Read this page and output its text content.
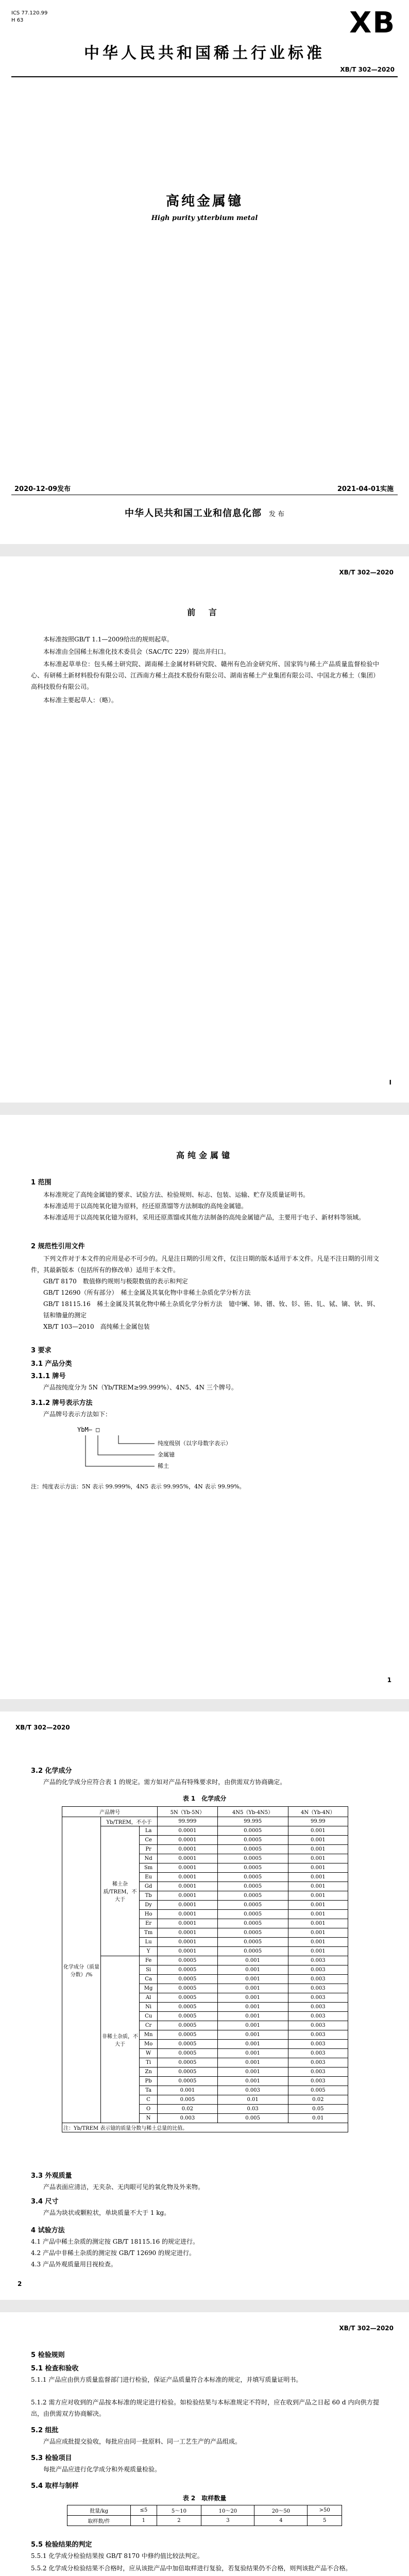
ICS 77.120.99
H 63	XB
中华人民共和国稀土行业标准
XB/T 302—2020
高纯金属镱
High purity ytterbium metal
2020-12-09发布	2021-04-01实施
中华人民共和国工业和信息化部 发 布
XB/T 302—2020
前 言
本标准按照GB/T 1.1—2009给出的规则起草。
本标准由全国稀土标准化技术委员会（SAC/TC 229）提出并归口。
本标准起草单位：包头稀土研究院、湖南稀土金属材料研究院、赣州有色冶金研究所、国家钨与稀土产品质量监督检验中心、有研稀土新材料股份有限公司、江西南方稀土高技术股份有限公司、湖南省稀土产业集团有限公司、中国北方稀土（集团）高科技股份有限公司。
本标准主要起草人：（略）。
I
高纯金属镱
1 范围
本标准规定了高纯金属镱的要求、试验方法、检验规则、标志、包装、运输、贮存及质量证明书。
本标准适用于以高纯氧化镱为原料，经还原蒸馏等方法制取的高纯金属镱。
本标准适用于以高纯氧化镱为原料，采用还原蒸馏或其他方法制备的高纯金属镱产品，主要用于电子、新材料等领域。
2 规范性引用文件
下列文件对于本文件的应用是必不可少的。凡是注日期的引用文件，仅注日期的版本适用于本文件。凡是不注日期的引用文件，其最新版本（包括所有的修改单）适用于本文件。
GB/T 8170　数值修约规则与极限数值的表示和判定
GB/T 12690（所有部分）　稀土金属及其氧化物中非稀土杂质化学分析方法
GB/T 18115.16　稀土金属及其氧化物中稀土杂质化学分析方法　镱中镧、铈、镨、钕、钐、铕、钆、铽、镝、钬、铒、铥和镥量的测定
XB/T 103—2010　高纯稀土金属包装
3 要求
3.1 产品分类
3.1.1 牌号
产品按纯度分为 5N（Yb/TREM≥99.999%）、4N5、4N 三个牌号。
3.1.2 牌号表示方法
产品牌号表示方法如下：
YbM— □
纯度级别（以字母数字表示）
金属镱
稀土
注：纯度表示方法：5N 表示 99.999%，4N5 表示 99.995%，4N 表示 99.99%。
1
XB/T 302—2020
3.2 化学成分
产品的化学成分应符合表 1 的规定。需方如对产品有特殊要求时，由供需双方协商确定。
表 1　化学成分
产品牌号			5N（Yb-5N）	4N5（Yb-4N5）	4N（Yb-4N）
化学成分（质量分数）/%	Yb/TREM，不小于		99.999	99.995	99.99
	稀土杂质/TREM，不大于	La	0.0001	0.0005	0.001
		Ce	0.0001	0.0005	0.001
		Pr	0.0001	0.0005	0.001
		Nd	0.0001	0.0005	0.001
		Sm	0.0001	0.0005	0.001
		Eu	0.0001	0.0005	0.001
		Gd	0.0001	0.0005	0.001
		Tb	0.0001	0.0005	0.001
		Dy	0.0001	0.0005	0.001
		Ho	0.0001	0.0005	0.001
		Er	0.0001	0.0005	0.001
		Tm	0.0001	0.0005	0.001
		Lu	0.0001	0.0005	0.001
		Y	0.0001	0.0005	0.001
	非稀土杂质，不大于	Fe	0.0005	0.001	0.003
		Si	0.0005	0.001	0.003
		Ca	0.0005	0.001	0.003
		Mg	0.0005	0.001	0.003
		Al	0.0005	0.001	0.003
		Ni	0.0005	0.001	0.003
		Cu	0.0005	0.001	0.003
		Cr	0.0005	0.001	0.003
		Mn	0.0005	0.001	0.003
		Mo	0.0005	0.001	0.003
		W	0.0005	0.001	0.003
		Ti	0.0005	0.001	0.003
		Zn	0.0005	0.001	0.003
		Pb	0.0005	0.001	0.003
		Ta	0.001	0.003	0.005
		C	0.005	0.01	0.02
		O	0.02	0.03	0.05
		N	0.003	0.005	0.01
注：Yb/TREM 表示镱的质量分数与稀土总量的比值。					
3.3 外观质量
产品表面应清洁，无夹杂、无肉眼可见的氧化物及外来物。
3.4 尺寸
产品为块状或颗粒状，单块质量不大于 1 kg。
4 试验方法
4.1 产品中稀土杂质的测定按 GB/T 18115.16 的规定进行。
4.2 产品中非稀土杂质的测定按 GB/T 12690 的规定进行。
4.3 产品外观质量用目视检查。
2
XB/T 302—2020
5 检验规则
5.1 检查和验收
5.1.1 产品应由供方质量监督部门进行检验，保证产品质量符合本标准的规定，并填写质量证明书。
5.1.2 需方应对收到的产品按本标准的规定进行检验。如检验结果与本标准规定不符时，应在收到产品之日起 60 d 内向供方提出，由供需双方协商解决。
5.2 组批
产品应成批提交验收，每批应由同一批原料、同一工艺生产的产品组成。
5.3 检验项目
每批产品应进行化学成分和外观质量检验。
5.4 取样与制样
表 2　取样数量
批量/kg	≤5	5～10	10～20	20～50	>50
取样数/件	1	2	3	4	5
5.5 检验结果的判定
5.5.1 化学成分检验结果按 GB/T 8170 中修约值比较法判定。
5.5.2 化学成分检验结果不合格时，应从该批产品中加倍取样进行复验，若复验结果仍不合格，则判该批产品不合格。
